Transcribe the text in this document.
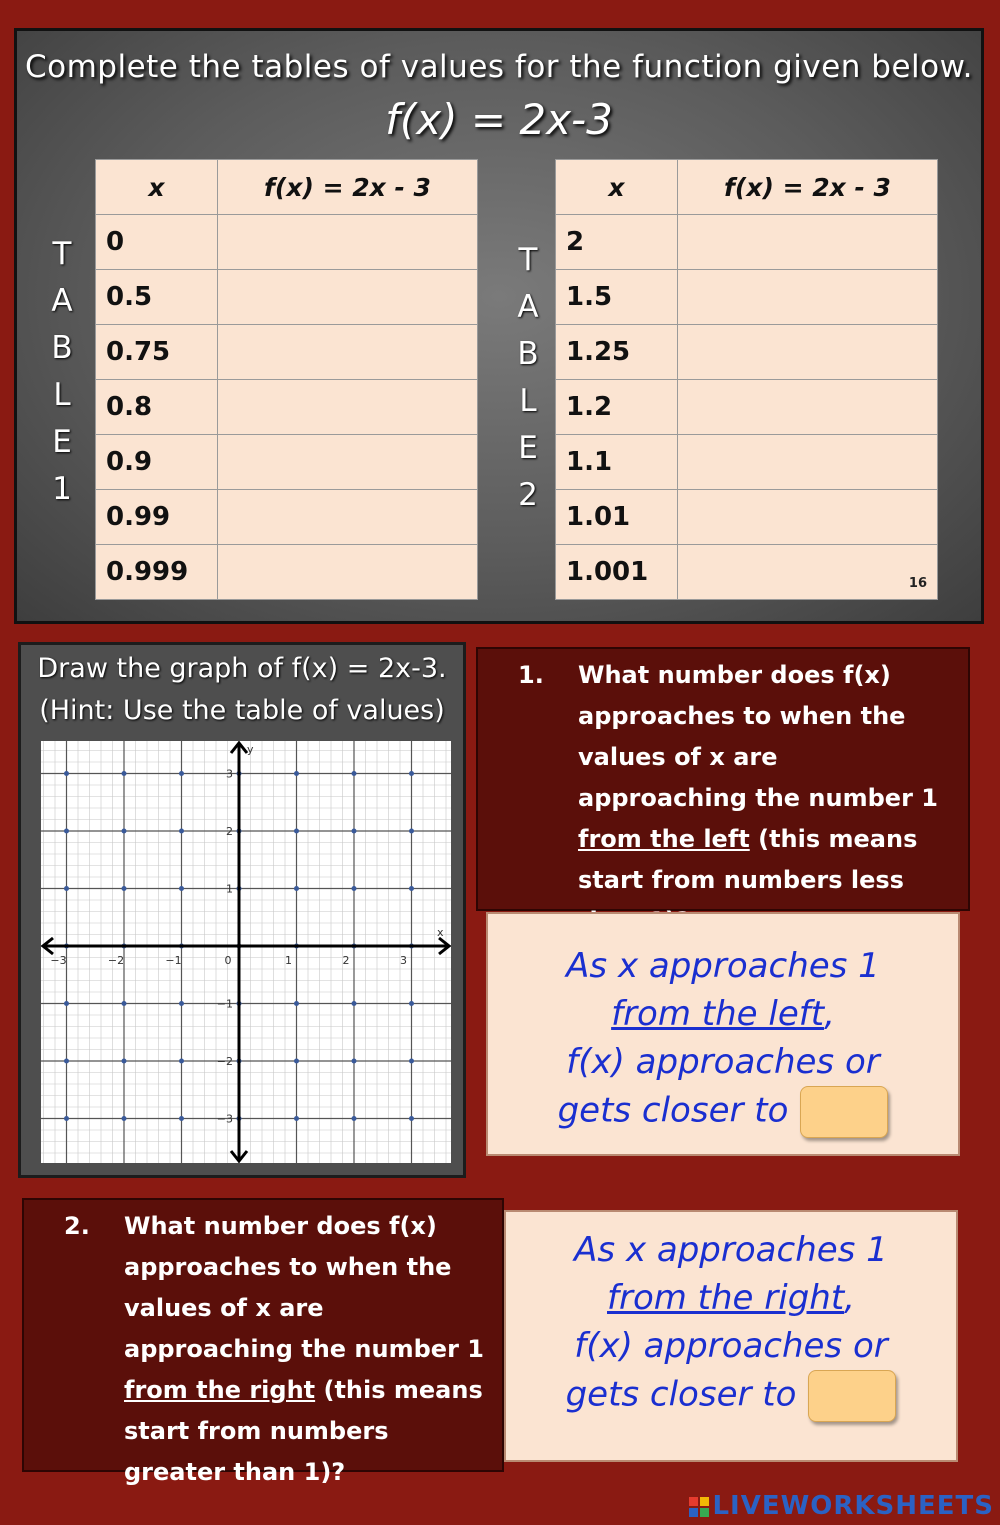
Complete the tables of values for the function given below.
f(x) = 2x-3
T
A
B
L
E
1
x	f(x) = 2x - 3
0	
0.5	
0.75	
0.8	
0.9	
0.99	
0.999	
T
A
B
L
E
2
x	f(x) = 2x - 3
2	
1.5	
1.25	
1.2	
1.1	
1.01	
1.001	16
Draw the graph of f(x) = 2x-3.
(Hint: Use the table of values)
−3	−2	−1	0	1	2	3
3
2
1
−1
−2
−3
x
y
1. What number does f(x) approaches to when the values of x are approaching the number 1 from the left (this means start from numbers less
As x approaches 1
from the left,
f(x) approaches or
gets closer to
2. What number does f(x) approaches to when the values of x are approaching the number 1 from the right (this means start from numbers greater than 1)?
As x approaches 1
from the right,
f(x) approaches or
gets closer to
LIVEWORKSHEETS
